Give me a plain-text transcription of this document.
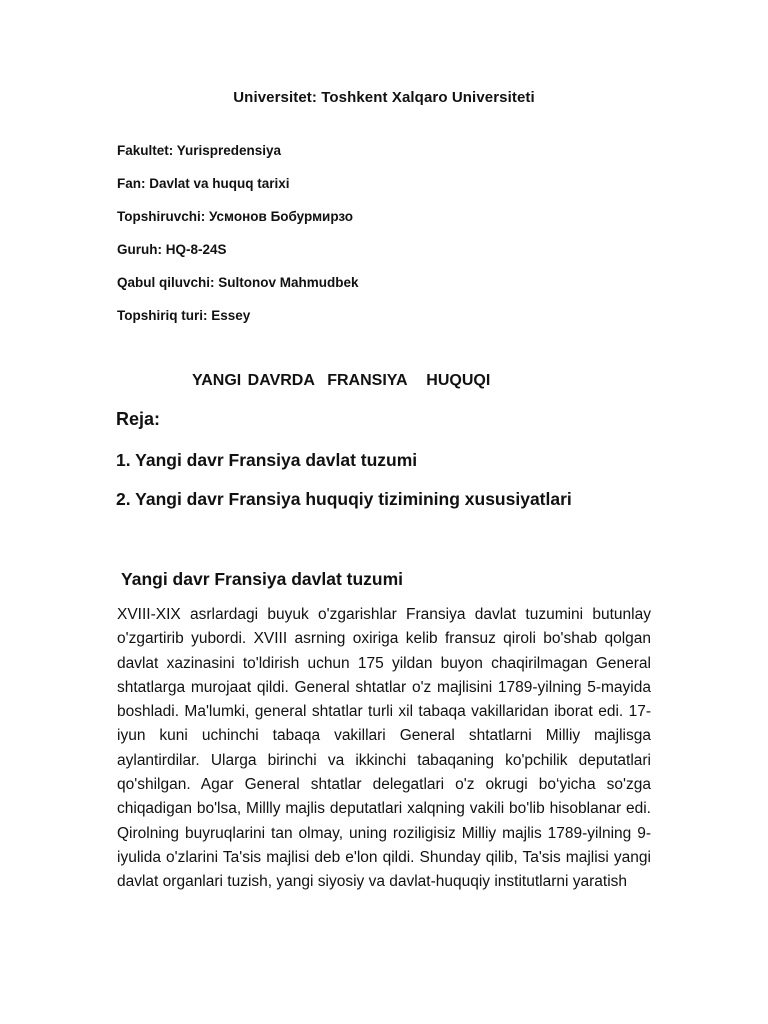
Universitet: Toshkent Xalqaro Universiteti
Fakultet: Yurispredensiya
Fan: Davlat va huquq tarixi
Topshiruvchi: Усмонов Бобурмирзо
Guruh: HQ-8-24S
Qabul qiluvchi: Sultonov Mahmudbek
Topshiriq turi: Essey
YANGI DAVRDA  FRANSIYA   HUQUQI
Reja:
1. Yangi davr Fransiya davlat tuzumi
2. Yangi davr Fransiya huquqiy tizimining xususiyatlari
Yangi davr Fransiya davlat tuzumi

XVIII-XIX asrlardagi buyuk o'zgarishlar Fransiya davlat tuzumini butunlay o'zgartirib yubordi. XVIII asrning oxiriga kelib fransuz qiroli bo'shab qolgan davlat xazinasini to'ldirish uchun 175 yildan buyon chaqirilmagan General shtatlarga murojaat qildi. General shtatlar o'z majlisini 1789-yilning 5-mayida boshladi. Ma'lumki, general shtatlar turli xil tabaqa vakillaridan iborat edi. 17-iyun kuni uchinchi tabaqa vakillari General shtatlarni Milliy majlisga aylantirdilar. Ularga birinchi va ikkinchi tabaqaning ko'pchilik deputatlari qo'shilgan. Agar General shtatlar delegatlari o'z okrugi bo‘yicha so'zga chiqadigan bo'lsa, Millly majlis deputatlari xalqning vakili bo'lib hisoblanar edi. Qirolning buyruqlarini tan olmay, uning roziligisiz Milliy majlis 1789-yilning 9-iyulida o'zlarini Ta'sis majlisi deb e'lon qildi. Shunday qilib, Ta'sis majlisi yangi davlat organlari tuzish, yangi siyosiy va davlat-huquqiy institutlarni yaratish
